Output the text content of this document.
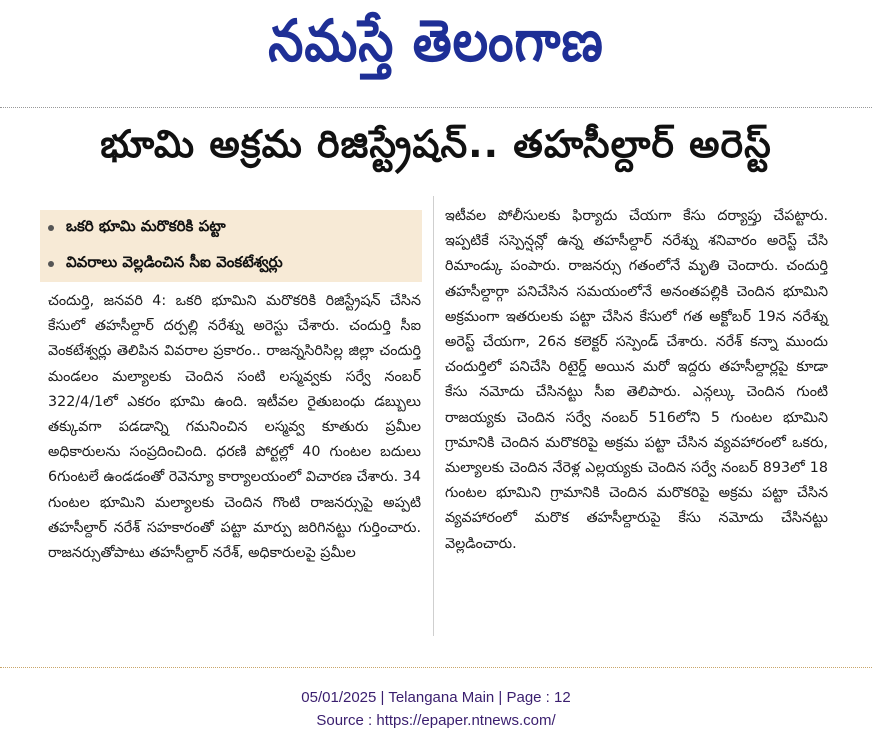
నమస్తే తెలంగాణ
భూమి అక్రమ రిజిస్ట్రేషన్.. తహసీల్దార్ అరెస్ట్
ఒకరి భూమి మరొకరికి పట్టా
వివరాలు వెల్లడించిన సీఐ వెంకటేశ్వర్లు

చందుర్తి, జనవరి 4: ఒకరి భూమిని మరొకరికి రిజిస్ట్రేషన్ చేసిన కేసులో తహసీల్దార్ దర్పల్లి నరేశ్ను అరెస్టు చేశారు. చందుర్తి సీఐ వెంకటేశ్వర్లు తెలిపిన వివరాల ప్రకారం.. రాజన్నసిరిసిల్ల జిల్లా చందుర్తి మండలం మల్యాలకు చెందిన సంటి లస్మవ్వకు సర్వే నంబర్ 322/4/1లో ఎకరం భూమి ఉంది. ఇటీవల రైతుబంధు డబ్బులు తక్కువగా పడడాన్ని గమనించిన లస్మవ్వ కూతురు ప్రమీల అధికారులను సంప్రదించింది. ధరణి పోర్టల్లో 40 గుంటల బదులు 6గుంటలే ఉండడంతో రెవెన్యూ కార్యాలయంలో విచారణ చేశారు. 34 గుంటల భూమిని మల్యాలకు చెందిన గొంటి రాజనర్సుపై అప్పటి తహసీల్దార్ నరేశ్ సహకారంతో పట్టా మార్పు జరిగినట్టు గుర్తించారు. రాజనర్సుతోపాటు తహసీల్దార్ నరేశ్, అధికారులపై ప్రమీల

ఇటీవల పోలీసులకు ఫిర్యాదు చేయగా కేసు దర్యాప్తు చేపట్టారు. ఇప్పటికే సస్పెన్షన్లో ఉన్న తహసీల్దార్ నరేశ్ను శనివారం అరెస్ట్ చేసి రిమాండ్కు పంపారు. రాజనర్సు గతంలోనే మృతి చెందారు. చందుర్తి తహసీల్దార్గా పనిచేసిన సమయంలోనే అనంతపల్లికి చెందిన భూమిని అక్రమంగా ఇతరులకు పట్టా చేసిన కేసులో గత అక్టోబర్ 19న నరేశ్ను అరెస్ట్ చేయగా, 26న కలెక్టర్ సస్పెండ్ చేశారు. నరేశ్ కన్నా ముందు చందుర్తిలో పనిచేసి రిటైర్డ్ అయిన మరో ఇద్దరు తహసీల్దార్లపై కూడా కేసు నమోదు చేసినట్టు సీఐ తెలిపారు. ఎన్గల్కు చెందిన గుంటి రాజయ్యకు చెందిన సర్వే నంబర్ 516లోని 5 గుంటల భూమిని గ్రామానికి చెందిన మరొకరిపై అక్రమ పట్టా చేసిన వ్యవహారంలో ఒకరు, మల్యాలకు చెందిన నేరెళ్ల ఎల్లయ్యకు చెందిన సర్వే నంబర్ 893లో 18 గుంటల భూమిని గ్రామానికి చెందిన మరొకరిపై అక్రమ పట్టా చేసిన వ్యవహారంలో మరొక తహసీల్దారుపై కేసు నమోదు చేసినట్టు వెల్లడించారు.

05/01/2025 | Telangana Main | Page : 12
Source : https://epaper.ntnews.com/
